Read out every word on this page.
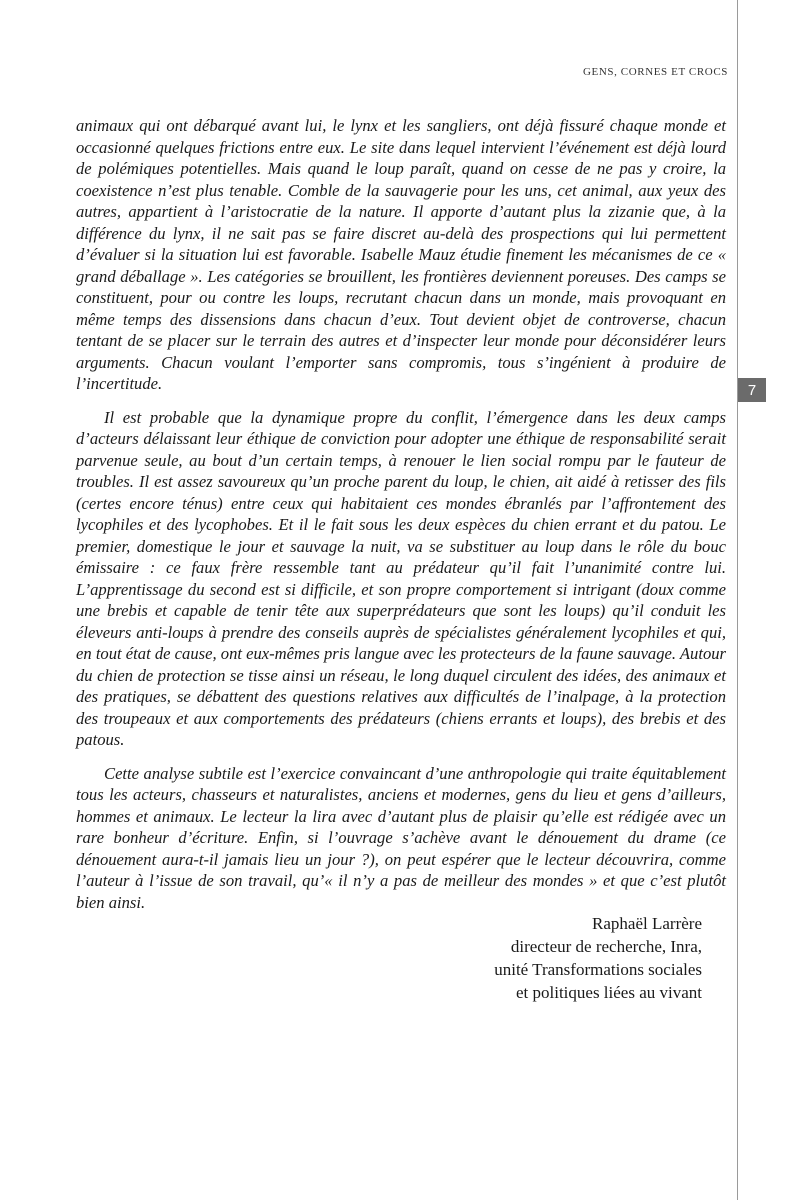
GENS, CORNES ET CROCS
7

animaux qui ont débarqué avant lui, le lynx et les sangliers, ont déjà fissuré chaque monde et occasionné quelques frictions entre eux. Le site dans lequel intervient l’événement est déjà lourd de polémiques potentielles. Mais quand le loup paraît, quand on cesse de ne pas y croire, la coexistence n’est plus tenable. Comble de la sauvagerie pour les uns, cet animal, aux yeux des autres, appartient à l’aristocratie de la nature. Il apporte d’autant plus la zizanie que, à la différence du lynx, il ne sait pas se faire discret au-delà des prospections qui lui permettent d’évaluer si la situation lui est favorable. Isabelle Mauz étudie finement les mécanismes de ce « grand déballage ». Les catégories se brouillent, les frontières deviennent poreuses. Des camps se constituent, pour ou contre les loups, recrutant chacun dans un monde, mais provoquant en même temps des dissensions dans chacun d’eux. Tout devient objet de controverse, chacun tentant de se placer sur le terrain des autres et d’inspecter leur monde pour déconsidérer leurs arguments. Chacun voulant l’emporter sans compromis, tous s’ingénient à produire de l’incertitude.

Il est probable que la dynamique propre du conflit, l’émergence dans les deux camps d’acteurs délaissant leur éthique de conviction pour adopter une éthique de responsabilité serait parvenue seule, au bout d’un certain temps, à renouer le lien social rompu par le fauteur de troubles. Il est assez savoureux qu’un proche parent du loup, le chien, ait aidé à retisser des fils (certes encore ténus) entre ceux qui habitaient ces mondes ébranlés par l’affrontement des lycophiles et des lycophobes. Et il le fait sous les deux espèces du chien errant et du patou. Le premier, domestique le jour et sauvage la nuit, va se substituer au loup dans le rôle du bouc émissaire : ce faux frère ressemble tant au prédateur qu’il fait l’unanimité contre lui. L’apprentissage du second est si difficile, et son propre comportement si intrigant (doux comme une brebis et capable de tenir tête aux superprédateurs que sont les loups) qu’il conduit les éleveurs anti-loups à prendre des conseils auprès de spécialistes généralement lycophiles et qui, en tout état de cause, ont eux-mêmes pris langue avec les protecteurs de la faune sauvage. Autour du chien de protection se tisse ainsi un réseau, le long duquel circulent des idées, des animaux et des pratiques, se débattent des questions relatives aux difficultés de l’inalpage, à la protection des troupeaux et aux comportements des prédateurs (chiens errants et loups), des brebis et des patous.

Cette analyse subtile est l’exercice convaincant d’une anthropologie qui traite équitablement tous les acteurs, chasseurs et naturalistes, anciens et modernes, gens du lieu et gens d’ailleurs, hommes et animaux. Le lecteur la lira avec d’autant plus de plaisir qu’elle est rédigée avec un rare bonheur d’écriture. Enfin, si l’ouvrage s’achève avant le dénouement du drame (ce dénouement aura-t-il jamais lieu un jour ?), on peut espérer que le lecteur découvrira, comme l’auteur à l’issue de son travail, qu’« il n’y a pas de meilleur des mondes » et que c’est plutôt bien ainsi.

Raphaël Larrère
directeur de recherche, Inra,
unité Transformations sociales
et politiques liées au vivant
